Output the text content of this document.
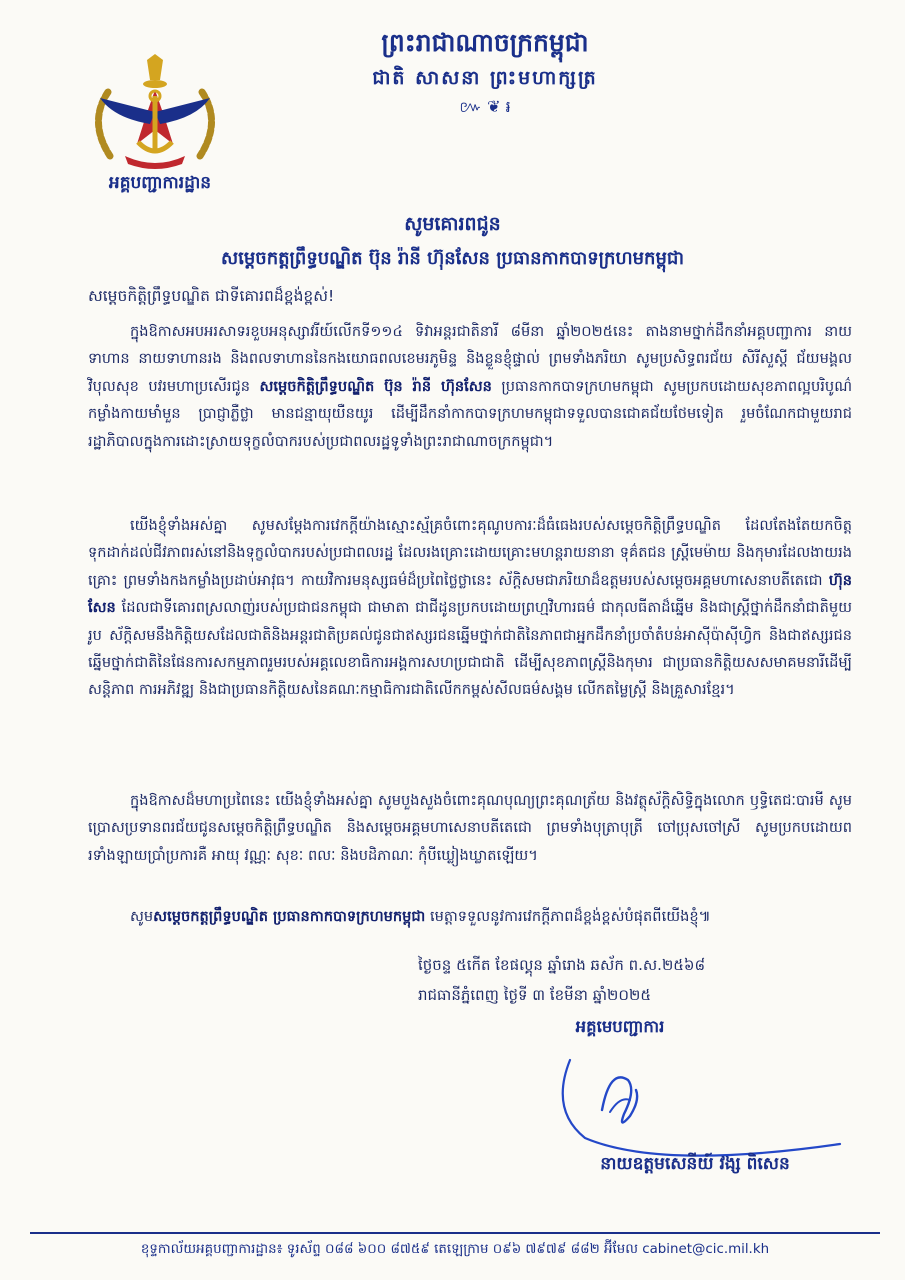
អគ្គបញ្ជាការដ្ឋាន
ព្រះរាជាណាចក្រកម្ពុជា
ជាតិ សាសនា ព្រះមហាក្សត្រ
៚ ❦ ៛
សូមគោរពជូន
សម្តេចកត្តព្រឹទ្ធបណ្ឌិត ប៊ុន រ៉ានី ហ៊ុនសែន ប្រធានកាកបាទក្រហមកម្ពុជា
សម្តេចកិត្តិព្រឹទ្ធបណ្ឌិត ជាទីគោរពដ៏ខ្ពង់ខ្ពស់!
ក្នុងឱកាសអបអរសាទរខួបអនុស្សាវរីយ៍លើកទី១១៤ ទិវាអន្តរជាតិនារី ៨មីនា ឆ្នាំ២០២៥នេះ តាងនាមថ្នាក់ដឹកនាំអគ្គបញ្ជាការ នាយទាហាន នាយទាហានរង និងពលទាហាននៃកងយោធពលខេមរភូមិន្ទ និងខ្លួនខ្ញុំផ្ទាល់ ព្រមទាំងភរិយា សូមប្រសិទ្ធពរជ័យ សិរីសួស្តី ជ័យមង្គល វិបុលសុខ បវរមហាប្រសើរជូន សម្តេចកិត្តិព្រឹទ្ធបណ្ឌិត ប៊ុន រ៉ានី ហ៊ុនសែន ប្រធានកាកបាទក្រហមកម្ពុជា សូមប្រកបដោយសុខភាពល្អបរិបូណ៌ កម្លាំងកាយមាំមួន ប្រាជ្ញាភ្លឺថ្លា មានជន្មាយុយឺនយូរ ដើម្បីដឹកនាំកាកបាទក្រហមកម្ពុជាទទួលបានជោគជ័យថែមទៀត រួមចំណែកជាមួយរាជរដ្ឋាភិបាលក្នុងការដោះស្រាយទុក្ខលំបាករបស់ប្រជាពលរដ្ឋទូទាំងព្រះរាជាណាចក្រកម្ពុជា។
យើងខ្ញុំទាំងអស់គ្នា សូមសម្តែងការវេកក្តីយ៉ាងស្មោះស្ម័គ្រចំពោះគុណូបការៈដ៏ធំធេងរបស់សម្តេចកិត្តិព្រឹទ្ធបណ្ឌិត ដែលតែងតែយកចិត្តទុកដាក់ដល់ជីវភាពរស់នៅនិងទុក្ខលំបាករបស់ប្រជាពលរដ្ឋ ដែលរងគ្រោះដោយគ្រោះមហន្តរាយនានា ទុគ៌តជន ស្ត្រីមេម៉ាយ និងកុមារដែលងាយរងគ្រោះ ព្រមទាំងកងកម្លាំងប្រដាប់អាវុធ។ កាយវិការមនុស្សធម៌ដ៏ប្រពៃថ្លៃថ្លានេះ ស័ក្តិសមជាភរិយាដ៏ឧត្តមរបស់សម្តេចអគ្គមហាសេនាបតីតេជោ ហ៊ុន សែន ដែលជាទីគោរពស្រលាញ់របស់ប្រជាជនកម្ពុជា ជាមាតា ជាជីដូនប្រកបដោយព្រហ្មវិហារធម៌ ជាកុលធីតាដ៏ឆ្នើម និងជាស្ត្រីថ្នាក់ដឹកនាំជាតិមួយរូប ស័ក្តិសមនឹងកិត្តិយសដែលជាតិនិងអន្តរជាតិប្រគល់ជូនជាឥស្សរជនឆ្នើមថ្នាក់ជាតិនៃភាពជាអ្នកដឹកនាំប្រចាំតំបន់អាស៊ីប៉ាស៊ីហ្វិក និងជាឥស្សរជនឆ្នើមថ្នាក់ជាតិនៃផែនការសកម្មភាពរួមរបស់អគ្គលេខាធិការអង្គការសហប្រជាជាតិ ដើម្បីសុខភាពស្ត្រីនិងកុមារ ជាប្រធានកិត្តិយសសមាគមនារីដើម្បីសន្តិភាព ការអភិវឌ្ឍ និងជាប្រធានកិត្តិយសនៃគណៈកម្មាធិការជាតិលើកកម្ពស់សីលធម៌សង្គម លើកតម្លៃស្ត្រី និងគ្រួសារខ្មែរ។
ក្នុងឱកាសដ៏មហាប្រពៃនេះ យើងខ្ញុំទាំងអស់គ្នា សូមបួងសួងចំពោះគុណបុណ្យព្រះគុណត្រ័យ និងវត្ថុស័ក្តិសិទ្ធិក្នុងលោក ឫទ្ធិតេជៈបារមី សូមប្រោសប្រទានពរជ័យជូនសម្តេចកិត្តិព្រឹទ្ធបណ្ឌិត និងសម្តេចអគ្គមហាសេនាបតីតេជោ ព្រមទាំងបុត្រាបុត្រី ចៅប្រុសចៅស្រី សូមប្រកបដោយពរទាំងឡាយប្រាំប្រការគឺ អាយុ វណ្ណៈ សុខៈ ពលៈ និងបដិភាណៈ កុំបីឃ្លៀងឃ្លាតឡើយ។
សូមសម្តេចកត្តព្រឹទ្ធបណ្ឌិត ប្រធានកាកបាទក្រហមកម្ពុជា មេត្តាទទួលនូវការវេកក្តីភាពដ៏ខ្ពង់ខ្ពស់បំផុតពីយើងខ្ញុំ៕
ថ្ងៃចន្ទ ៥កើត ខែផល្គុន ឆ្នាំរោង ឆស័ក ព.ស.២៥៦៨
រាជធានីភ្នំពេញ ថ្ងៃទី ៣ ខែមីនា ឆ្នាំ២០២៥
អគ្គមេបញ្ជាការ
នាយឧត្តមសេនីយ៍ វង្ស ពិសេន
ខុទ្ទកាល័យអគ្គបញ្ជាការដ្ឋាន៖ ទូរស័ព្ទ ០៨៨ ៦០០ ៨៧៥៩ តេឡេក្រាម ០៩៦ ៧៩៧៩ ៨៨២ អ៊ីមែល cabinet@cic.mil.kh
